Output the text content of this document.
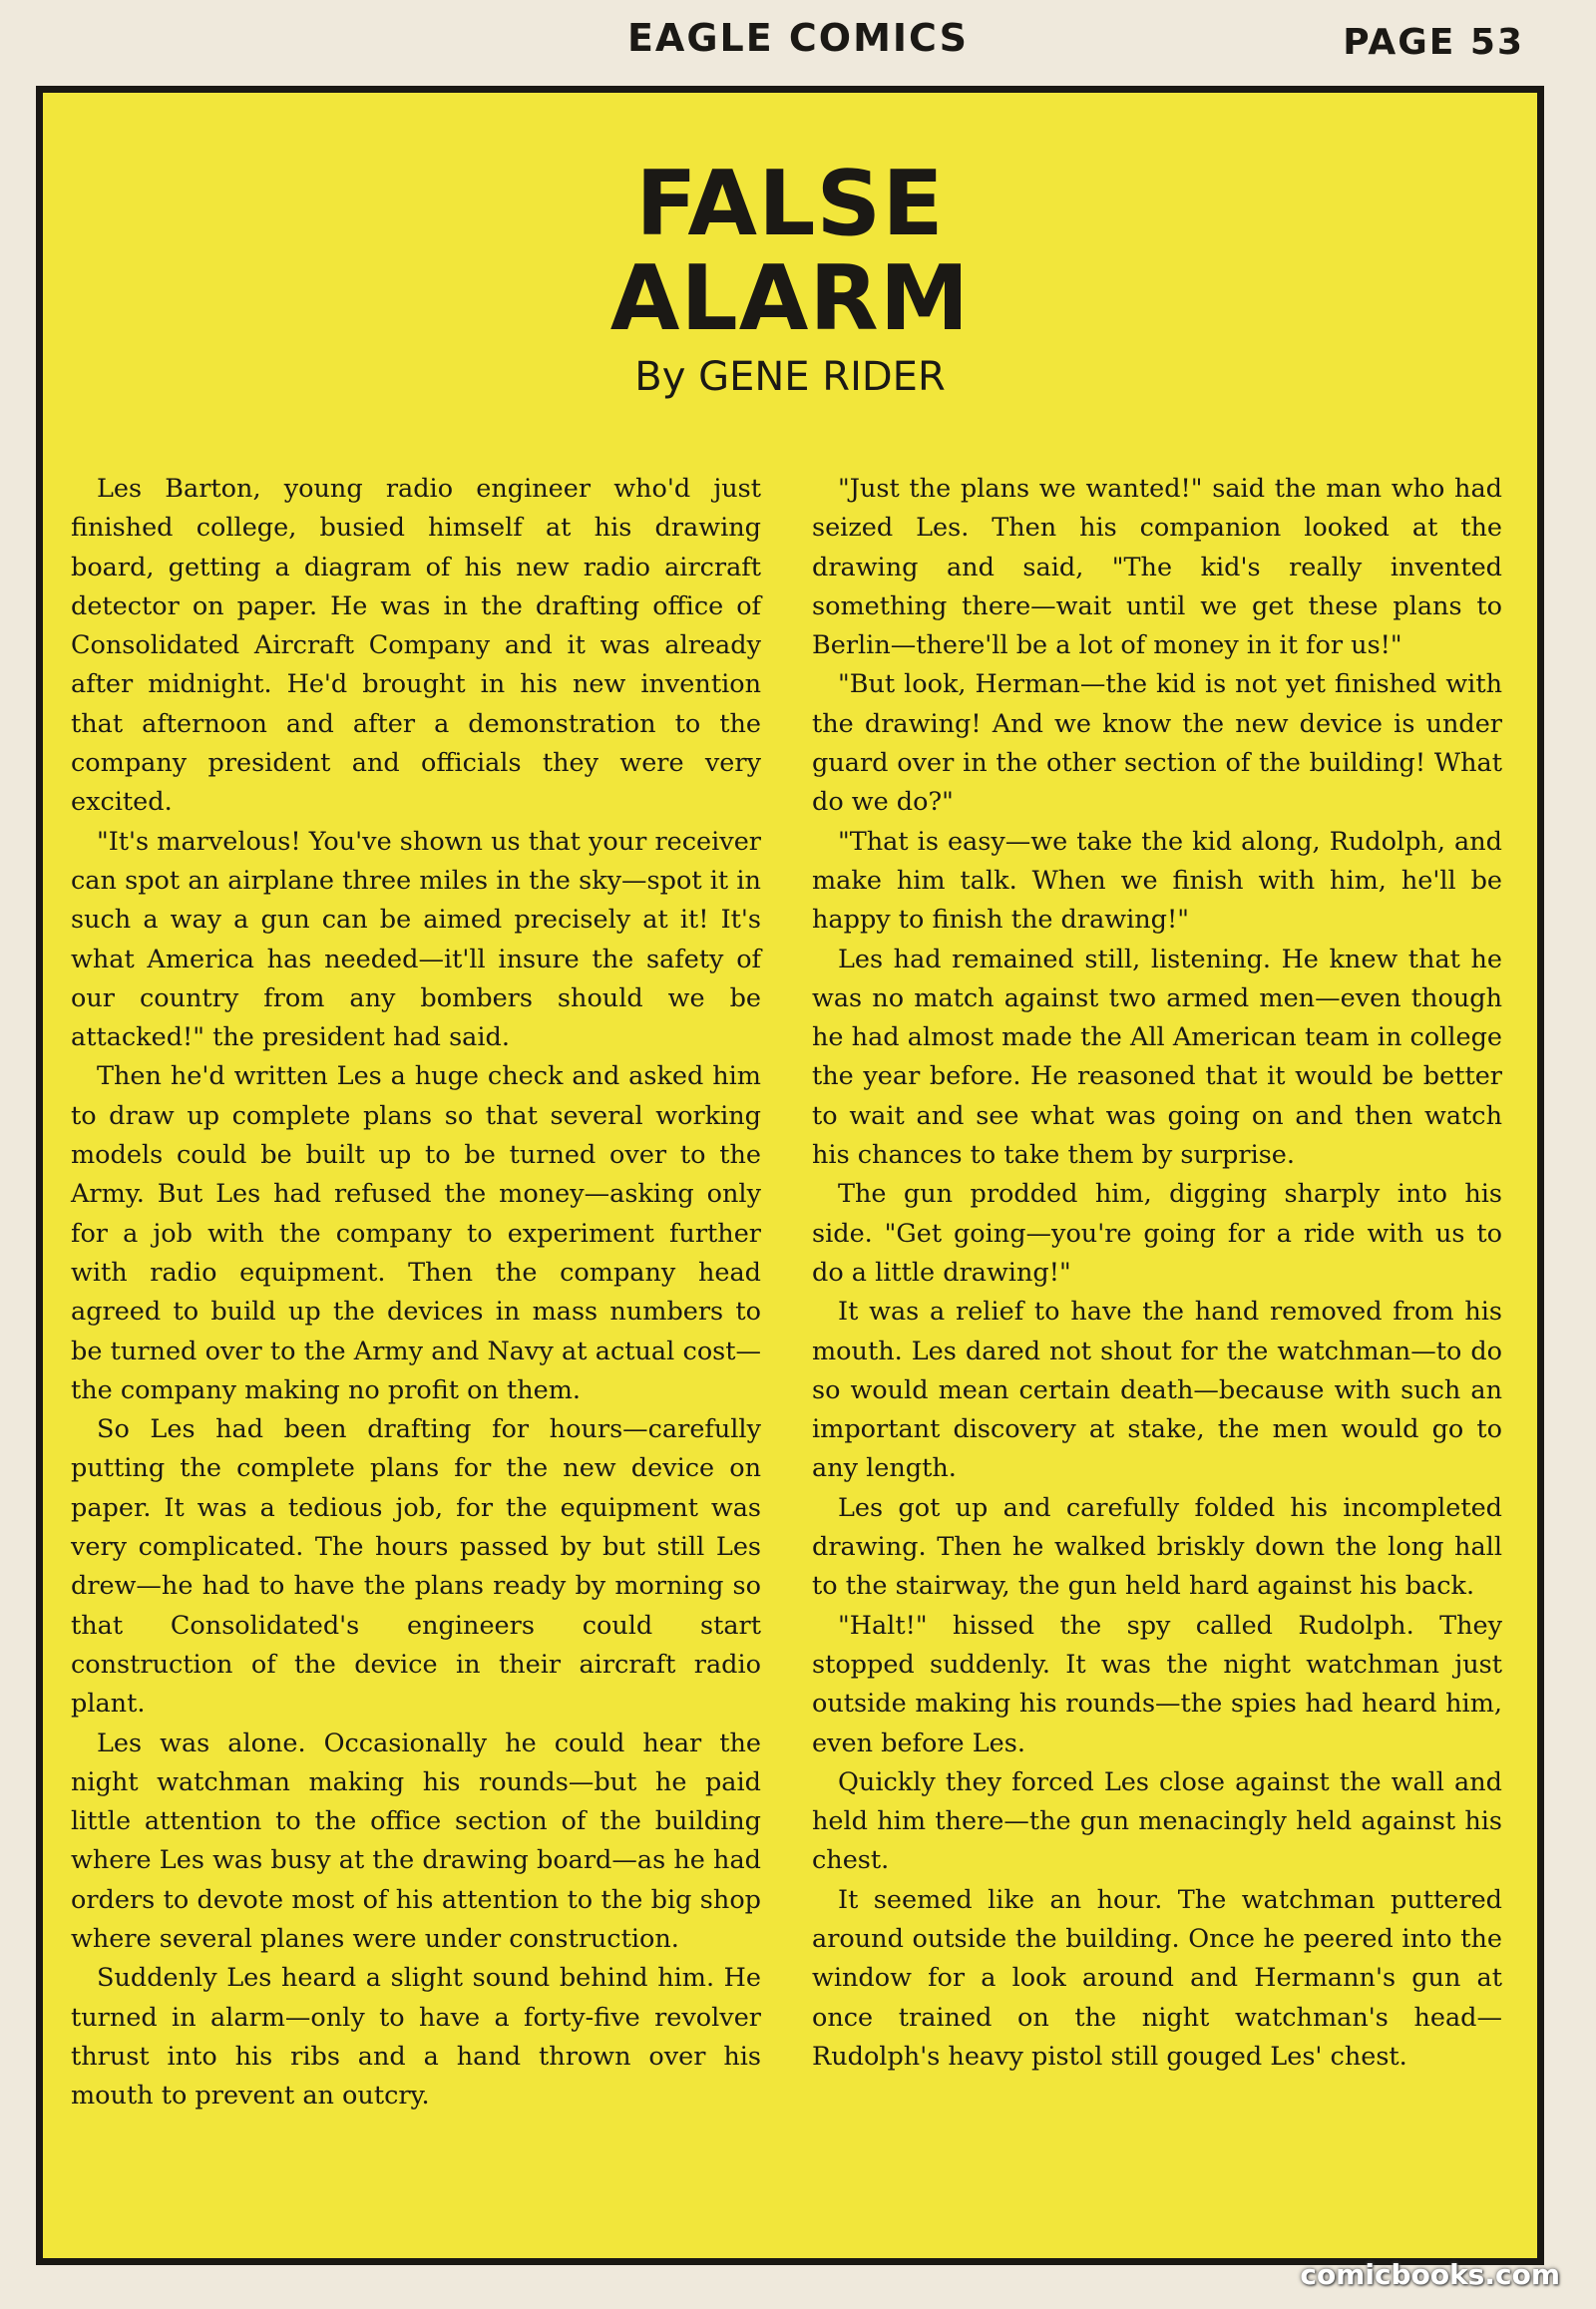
EAGLE COMICS	PAGE 53
FALSE
ALARM
By GENE RIDER

Les Barton, young radio engineer who'd just finished college, busied himself at his drawing board, getting a diagram of his new radio aircraft detector on paper. He was in the drafting office of Consolidated Aircraft Company and it was already after midnight. He'd brought in his new invention that afternoon and after a demonstration to the company president and officials they were very excited.

"It's marvelous! You've shown us that your receiver can spot an airplane three miles in the sky—spot it in such a way a gun can be aimed precisely at it! It's what America has needed—it'll insure the safety of our country from any bombers should we be attacked!" the president had said.

Then he'd written Les a huge check and asked him to draw up complete plans so that several working models could be built up to be turned over to the Army. But Les had refused the money—asking only for a job with the company to experiment further with radio equipment. Then the company head agreed to build up the devices in mass numbers to be turned over to the Army and Navy at actual cost—the company making no profit on them.

So Les had been drafting for hours—carefully putting the complete plans for the new device on paper. It was a tedious job, for the equipment was very complicated. The hours passed by but still Les drew—he had to have the plans ready by morning so that Consolidated's engineers could start construction of the device in their aircraft radio plant.

Les was alone. Occasionally he could hear the night watchman making his rounds—but he paid little attention to the office section of the building where Les was busy at the drawing board—as he had orders to devote most of his attention to the big shop where several planes were under construction.

Suddenly Les heard a slight sound behind him. He turned in alarm—only to have a forty-five revolver thrust into his ribs and a hand thrown over his mouth to prevent an outcry.

"Just the plans we wanted!" said the man who had seized Les. Then his companion looked at the drawing and said, "The kid's really invented something there—wait until we get these plans to Berlin—there'll be a lot of money in it for us!"

"But look, Herman—the kid is not yet finished with the drawing! And we know the new device is under guard over in the other section of the building! What do we do?"

"That is easy—we take the kid along, Rudolph, and make him talk. When we finish with him, he'll be happy to finish the drawing!"

Les had remained still, listening. He knew that he was no match against two armed men—even though he had almost made the All American team in college the year before. He reasoned that it would be better to wait and see what was going on and then watch his chances to take them by surprise.

The gun prodded him, digging sharply into his side. "Get going—you're going for a ride with us to do a little drawing!"

It was a relief to have the hand removed from his mouth. Les dared not shout for the watchman—to do so would mean certain death—because with such an important discovery at stake, the men would go to any length.

Les got up and carefully folded his incompleted drawing. Then he walked briskly down the long hall to the stairway, the gun held hard against his back.

"Halt!" hissed the spy called Rudolph. They stopped suddenly. It was the night watchman just outside making his rounds—the spies had heard him, even before Les.

Quickly they forced Les close against the wall and held him there—the gun menacingly held against his chest.

It seemed like an hour. The watchman puttered around outside the building. Once he peered into the window for a look around and Hermann's gun at once trained on the night watchman's head—Rudolph's heavy pistol still gouged Les' chest.

comicbooks.com
